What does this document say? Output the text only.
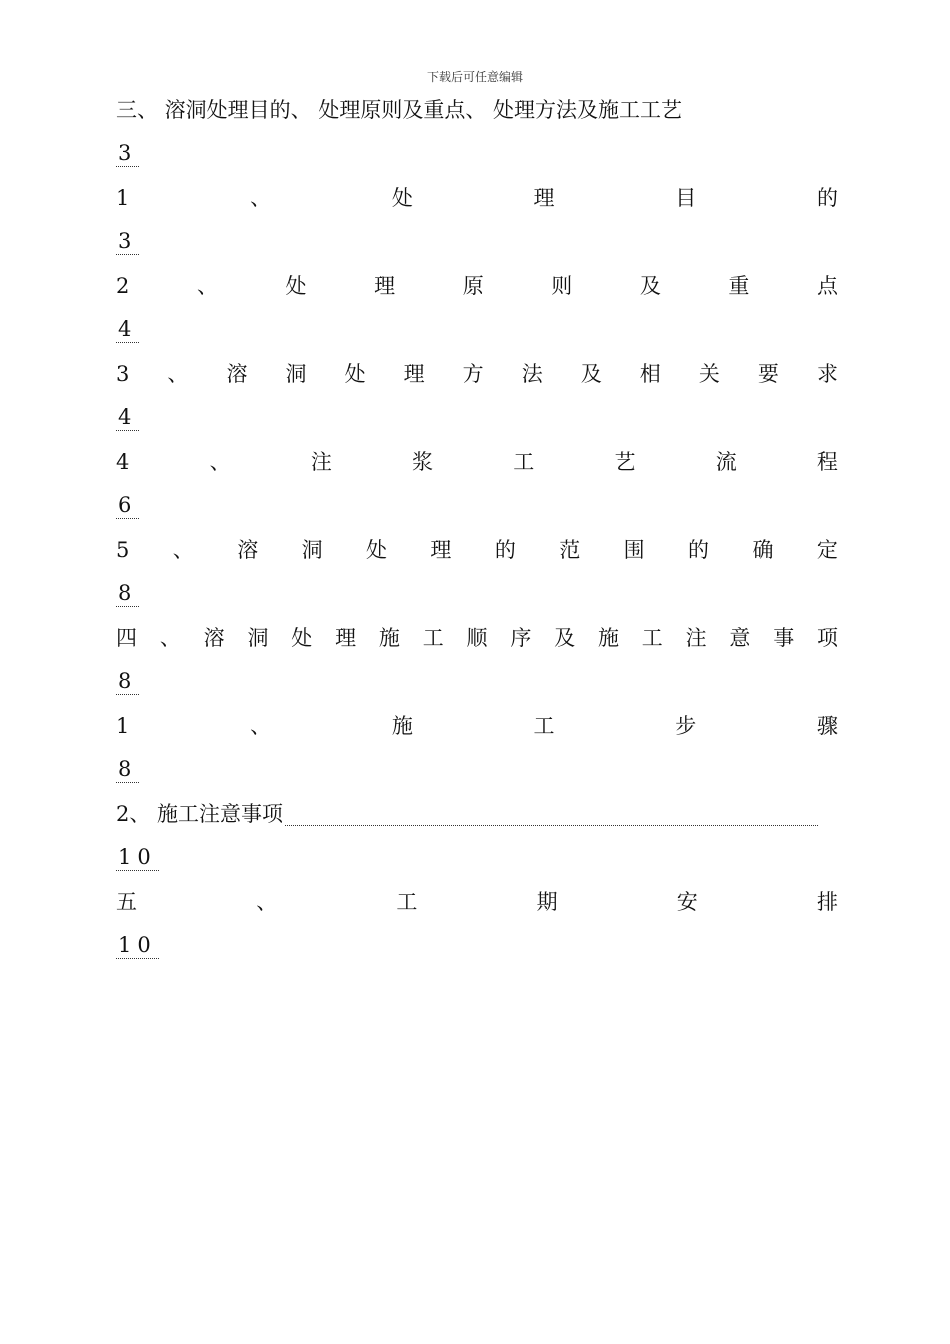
下载后可任意编辑
三、 溶洞处理目的、 处理原则及重点、 处理方法及施工工艺
3
1	、	处	理	目	的
3
2	、	处	理	原	则	及	重	点
4
3 、 溶 洞 处 理 方 法 及 相 关 要 求
4
4	、	注	浆	工	艺	流	程
6
5 、 溶 洞 处 理 的 范 围 的 确 定
8
四 、 溶 洞 处 理 施 工 顺 序 及 施 工 注 意 事 项
8
1	、	施	工	步	骤
8
2、 施工注意事项
10
五	、	工	期	安	排
10
